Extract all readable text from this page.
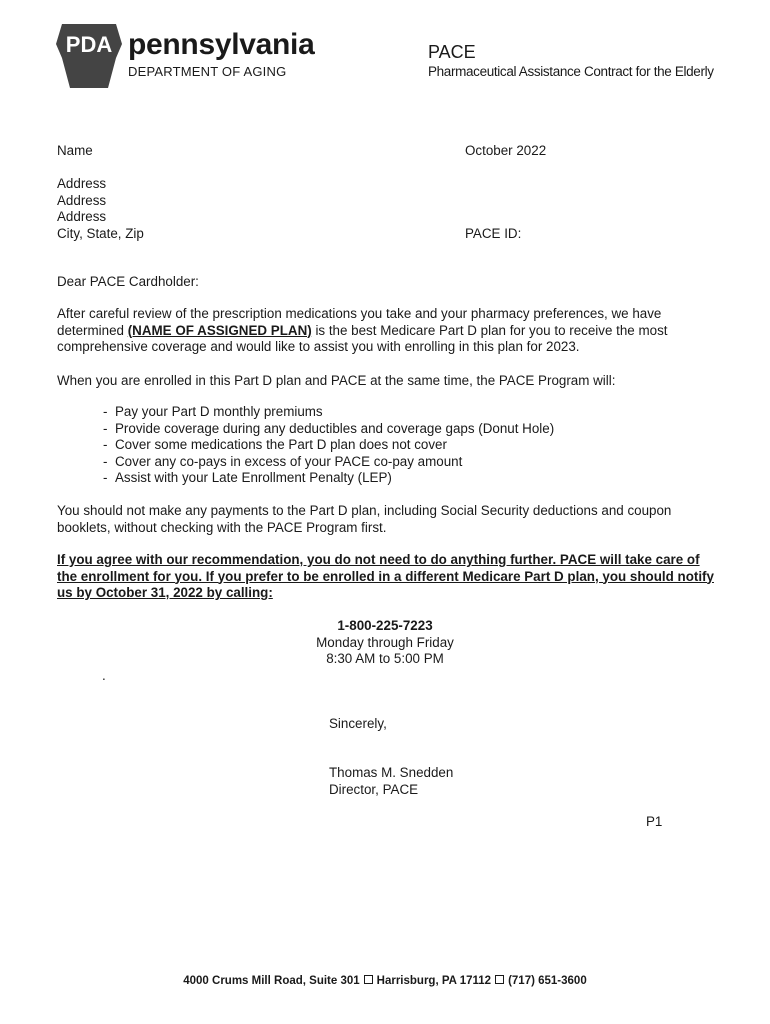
PDA pennsylvania
DEPARTMENT OF AGING
PACE
Pharmaceutical Assistance Contract for the Elderly
Name
Address
Address
Address
City, State, Zip
October 2022
PACE ID:

Dear PACE Cardholder:

After careful review of the prescription medications you take and your pharmacy preferences, we have determined (NAME OF ASSIGNED PLAN) is the best Medicare Part D plan for you to receive the most comprehensive coverage and would like to assist you with enrolling in this plan for 2023.

When you are enrolled in this Part D plan and PACE at the same time, the PACE Program will:

- Pay your Part D monthly premiums
- Provide coverage during any deductibles and coverage gaps (Donut Hole)
- Cover some medications the Part D plan does not cover
- Cover any co-pays in excess of your PACE co-pay amount
- Assist with your Late Enrollment Penalty (LEP)

You should not make any payments to the Part D plan, including Social Security deductions and coupon booklets, without checking with the PACE Program first.

If you agree with our recommendation, you do not need to do anything further. PACE will take care of the enrollment for you. If you prefer to be enrolled in a different Medicare Part D plan, you should notify us by October 31, 2022 by calling:

1-800-225-7223
Monday through Friday
8:30 AM to 5:00 PM
.
Sincerely,
Thomas M. Snedden
Director, PACE
P1
4000 Crums Mill Road, Suite 301 Harrisburg, PA 17112 (717) 651-3600
